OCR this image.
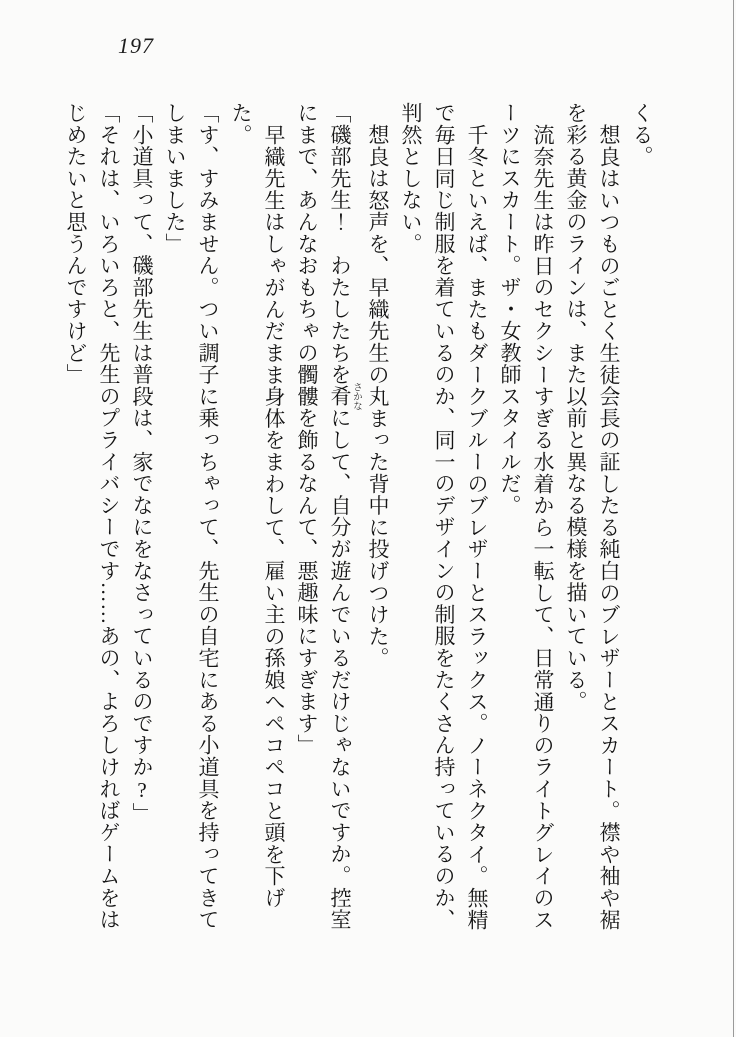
197

くる。

想良はいつものごとく生徒会長の証したる純白のブレザーとスカート。襟や袖や裾

を彩る黄金のラインは、また以前と異なる模様を描いている。

流奈先生は昨日のセクシーすぎる水着から一転して、日常通りのライトグレイのス

ーツにスカート。ザ・女教師スタイルだ。

千冬といえば、またもダークブルーのブレザーとスラックス。ノーネクタイ。無精

で毎日同じ制服を着ているのか、同一のデザインの制服をたくさん持っているのか、

判然としない。

想良は怒声を、早織先生の丸まった背中に投げつけた。

「磯部先生！　わたしたちを肴 さかなにして、自分が遊んでいるだけじゃないですか。控室

にまで、あんなおもちゃの髑髏を飾るなんて、悪趣味にすぎます」

早織先生はしゃがんだまま身体をまわして、雇い主の孫娘へペコペコと頭を下げた。

「す、すみません。つい調子に乗っちゃって、先生の自宅にある小道具を持ってきて

しまいました」

「小道具って、磯部先生は普段は、家でなにをなさっているのですか?」

「それは、いろいろと、先生のプライバシーです……あの、よろしければゲームをは

じめたいと思うんですけど」
